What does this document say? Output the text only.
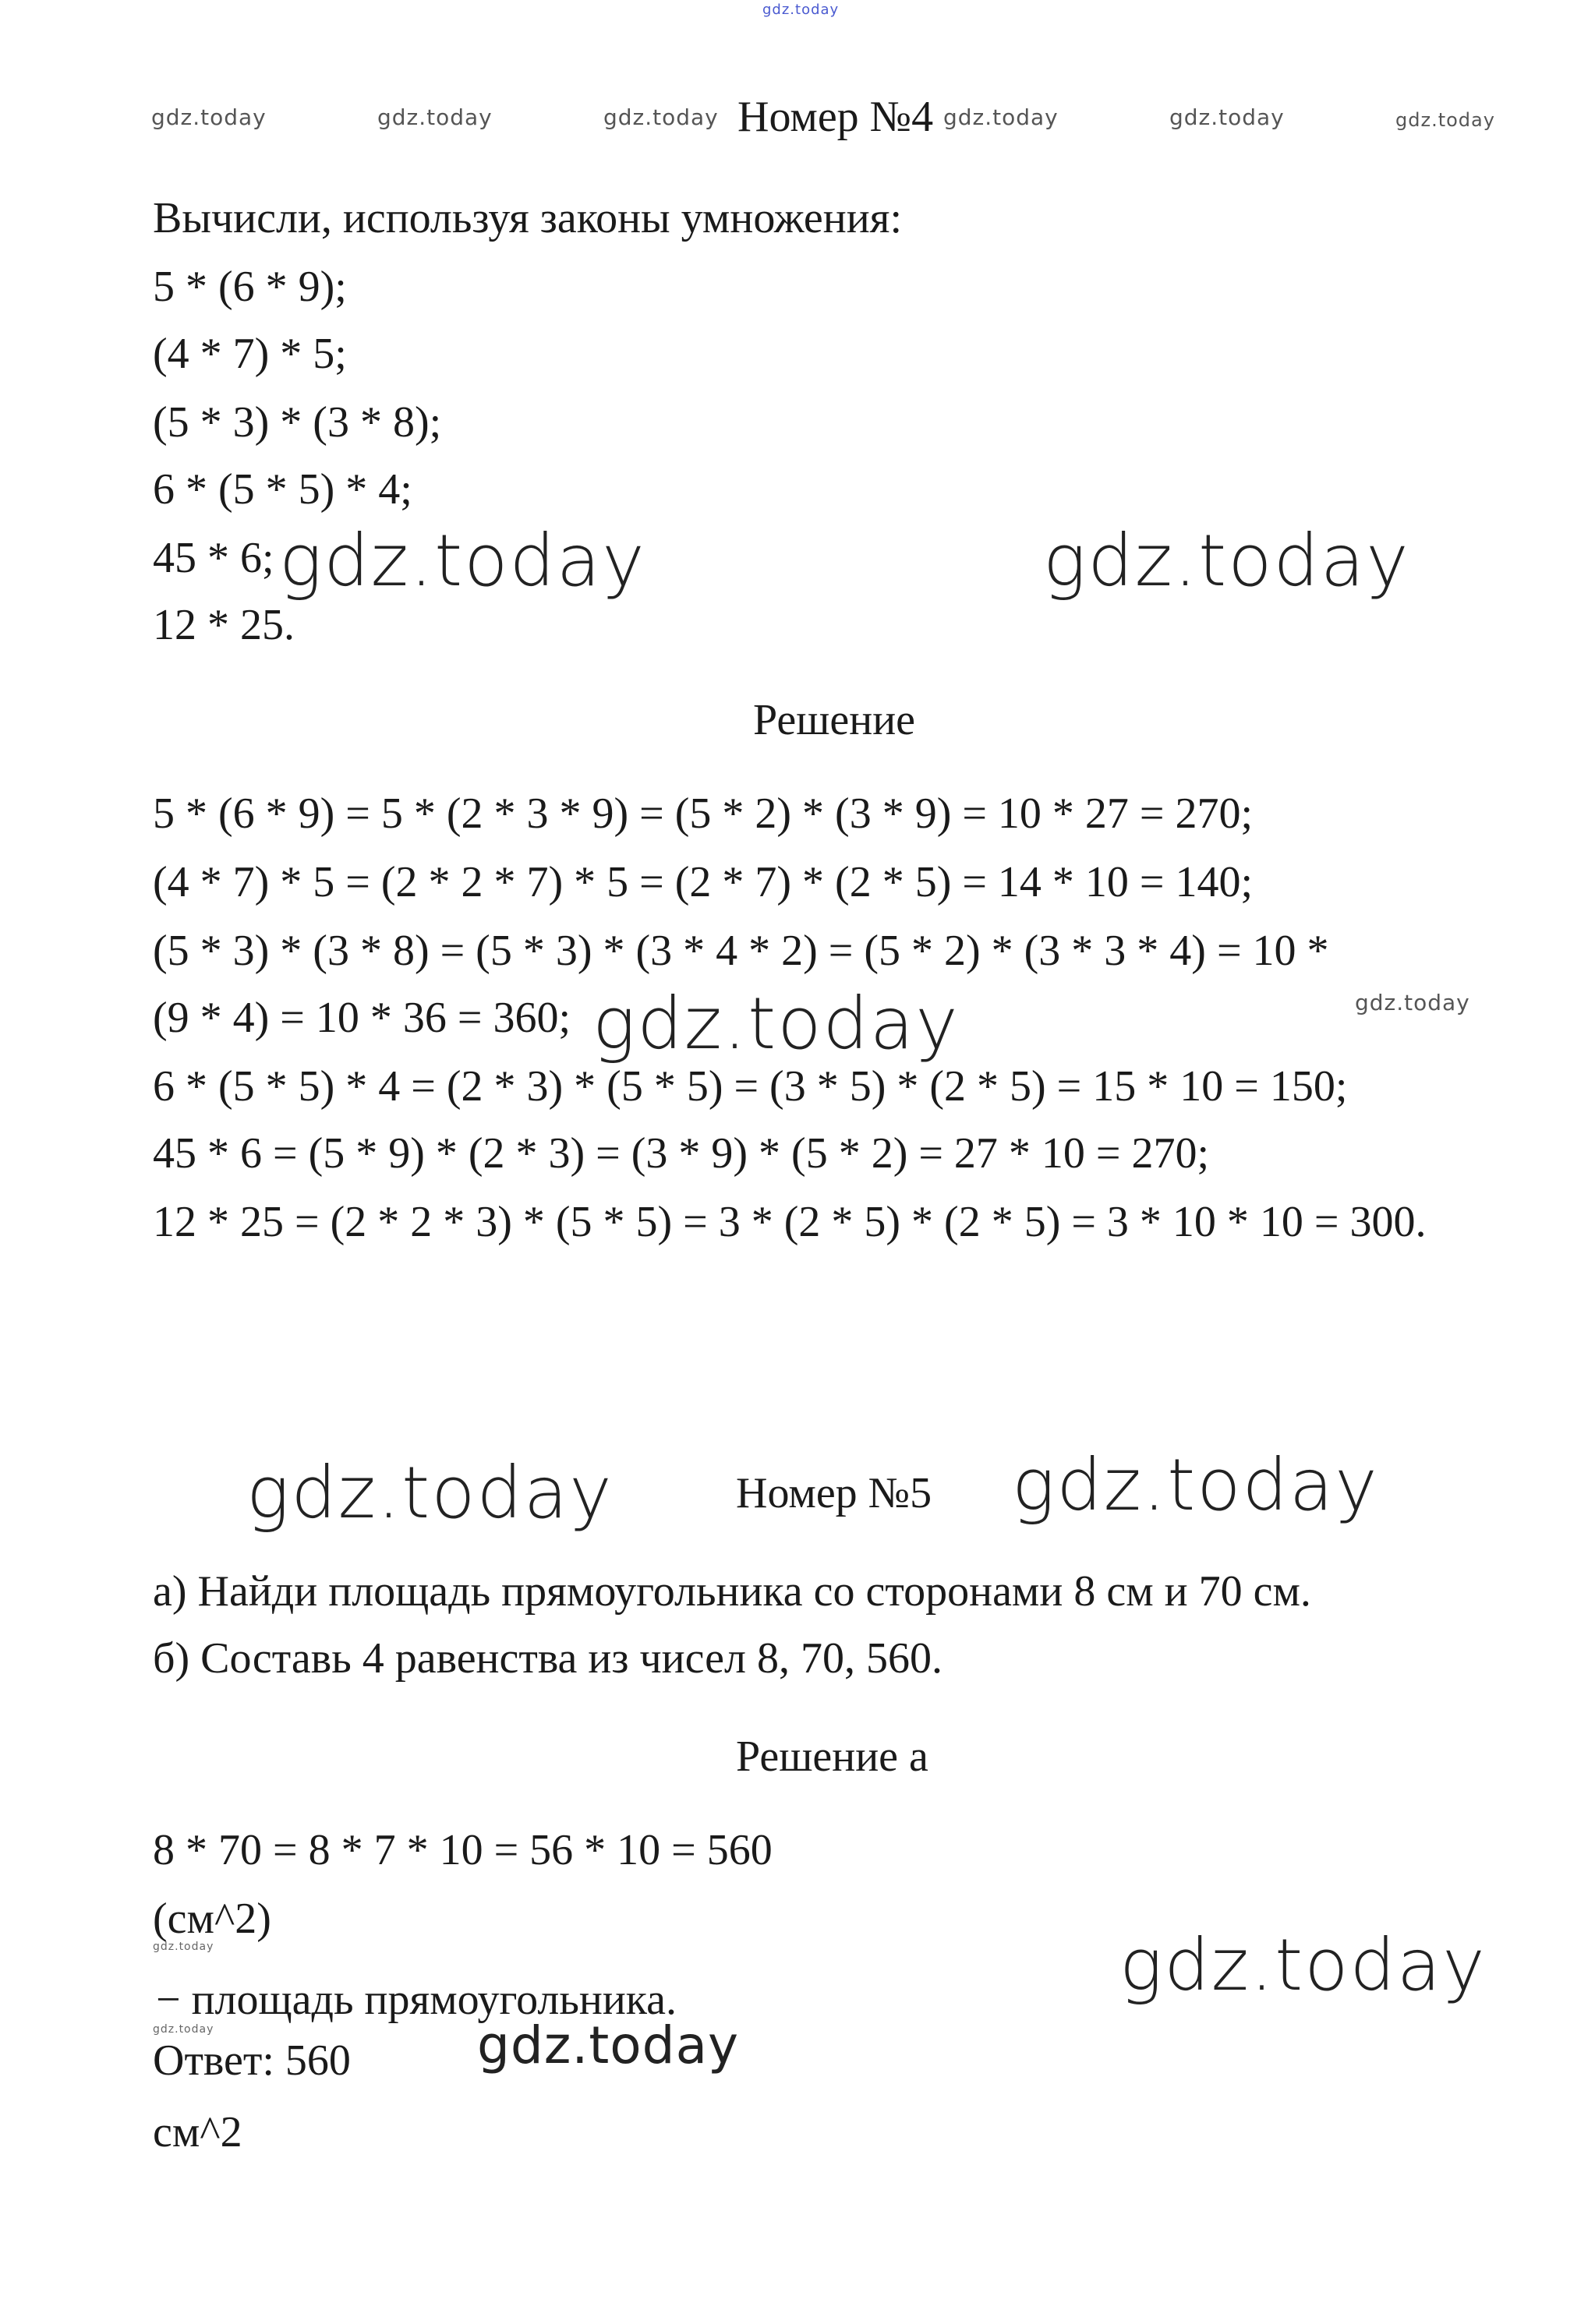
gdz.today
gdz.today	gdz.today	gdz.today Номер №4 gdz.today	gdz.today	gdz.today
Вычисли, используя законы умножения:
5 * (6 * 9);
(4 * 7) * 5;
(5 * 3) * (3 * 8);
6 * (5 * 5) * 4;
45 * 6; gdz.today	gdz.today
12 * 25.
Решение
5 * (6 * 9) = 5 * (2 * 3 * 9) = (5 * 2) * (3 * 9) = 10 * 27 = 270;
(4 * 7) * 5 = (2 * 2 * 7) * 5 = (2 * 7) * (2 * 5) = 14 * 10 = 140;
(5 * 3) * (3 * 8) = (5 * 3) * (3 * 4 * 2) = (5 * 2) * (3 * 3 * 4) = 10 *
(9 * 4) = 10 * 36 = 360; gdz.today	gdz.today
6 * (5 * 5) * 4 = (2 * 3) * (5 * 5) = (3 * 5) * (2 * 5) = 15 * 10 = 150;
45 * 6 = (5 * 9) * (2 * 3) = (3 * 9) * (5 * 2) = 27 * 10 = 270;
12 * 25 = (2 * 2 * 3) * (5 * 5) = 3 * (2 * 5) * (2 * 5) = 3 * 10 * 10 = 300.
gdz.today	Номер №5 gdz.today
а) Найди площадь прямоугольника со сторонами 8 см и 70 см.
б) Составь 4 равенства из чисел 8, 70, 560.
Решение а
8 * 70 = 8 * 7 * 10 = 56 * 10 = 560
(см^2)
gdz.today	gdz.today
− площадь прямоугольника.
gdz.today
Ответ: 560 gdz.today
см^2
